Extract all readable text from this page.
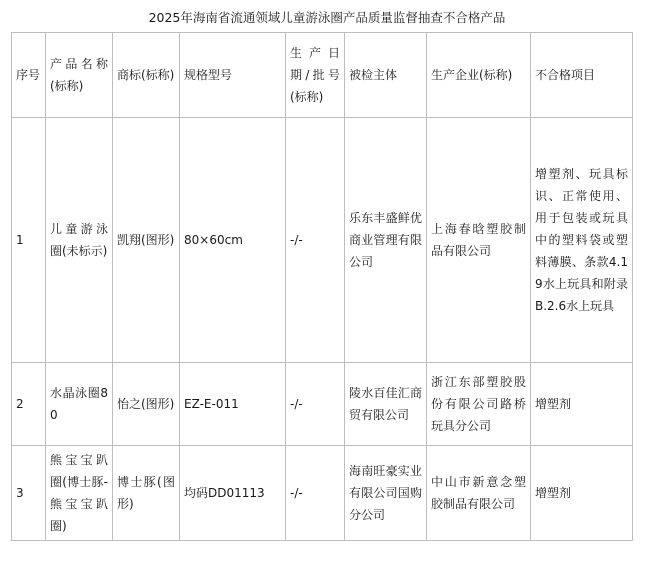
2025年海南省流通领域儿童游泳圈产品质量监督抽查不合格产品
序号	产品名称(标称)	商标(标称)	规格型号	生产日期/批号(标称)	被检主体	生产企业(标称)	不合格项目
1	儿童游泳圈(未标示)	凯翔(图形)	80×60cm	-/-	乐东丰盛鲜优商业管理有限公司	上海春晗塑胶制品有限公司	增塑剂、玩具标识、正常使用、用于包装或玩具中的塑料袋或塑料薄膜、条款4.19水上玩具和附录B.2.6水上玩具
2	水晶泳圈80	怡之(图形)	EZ-E-011	-/-	陵水百佳汇商贸有限公司	浙江东部塑胶股份有限公司路桥玩具分公司	增塑剂
3	熊宝宝趴圈(博士豚-熊宝宝趴圈)	博士豚(图形)	均码DD01113	-/-	海南旺豪实业有限公司国购分公司	中山市新意念塑胶制品有限公司	增塑剂
